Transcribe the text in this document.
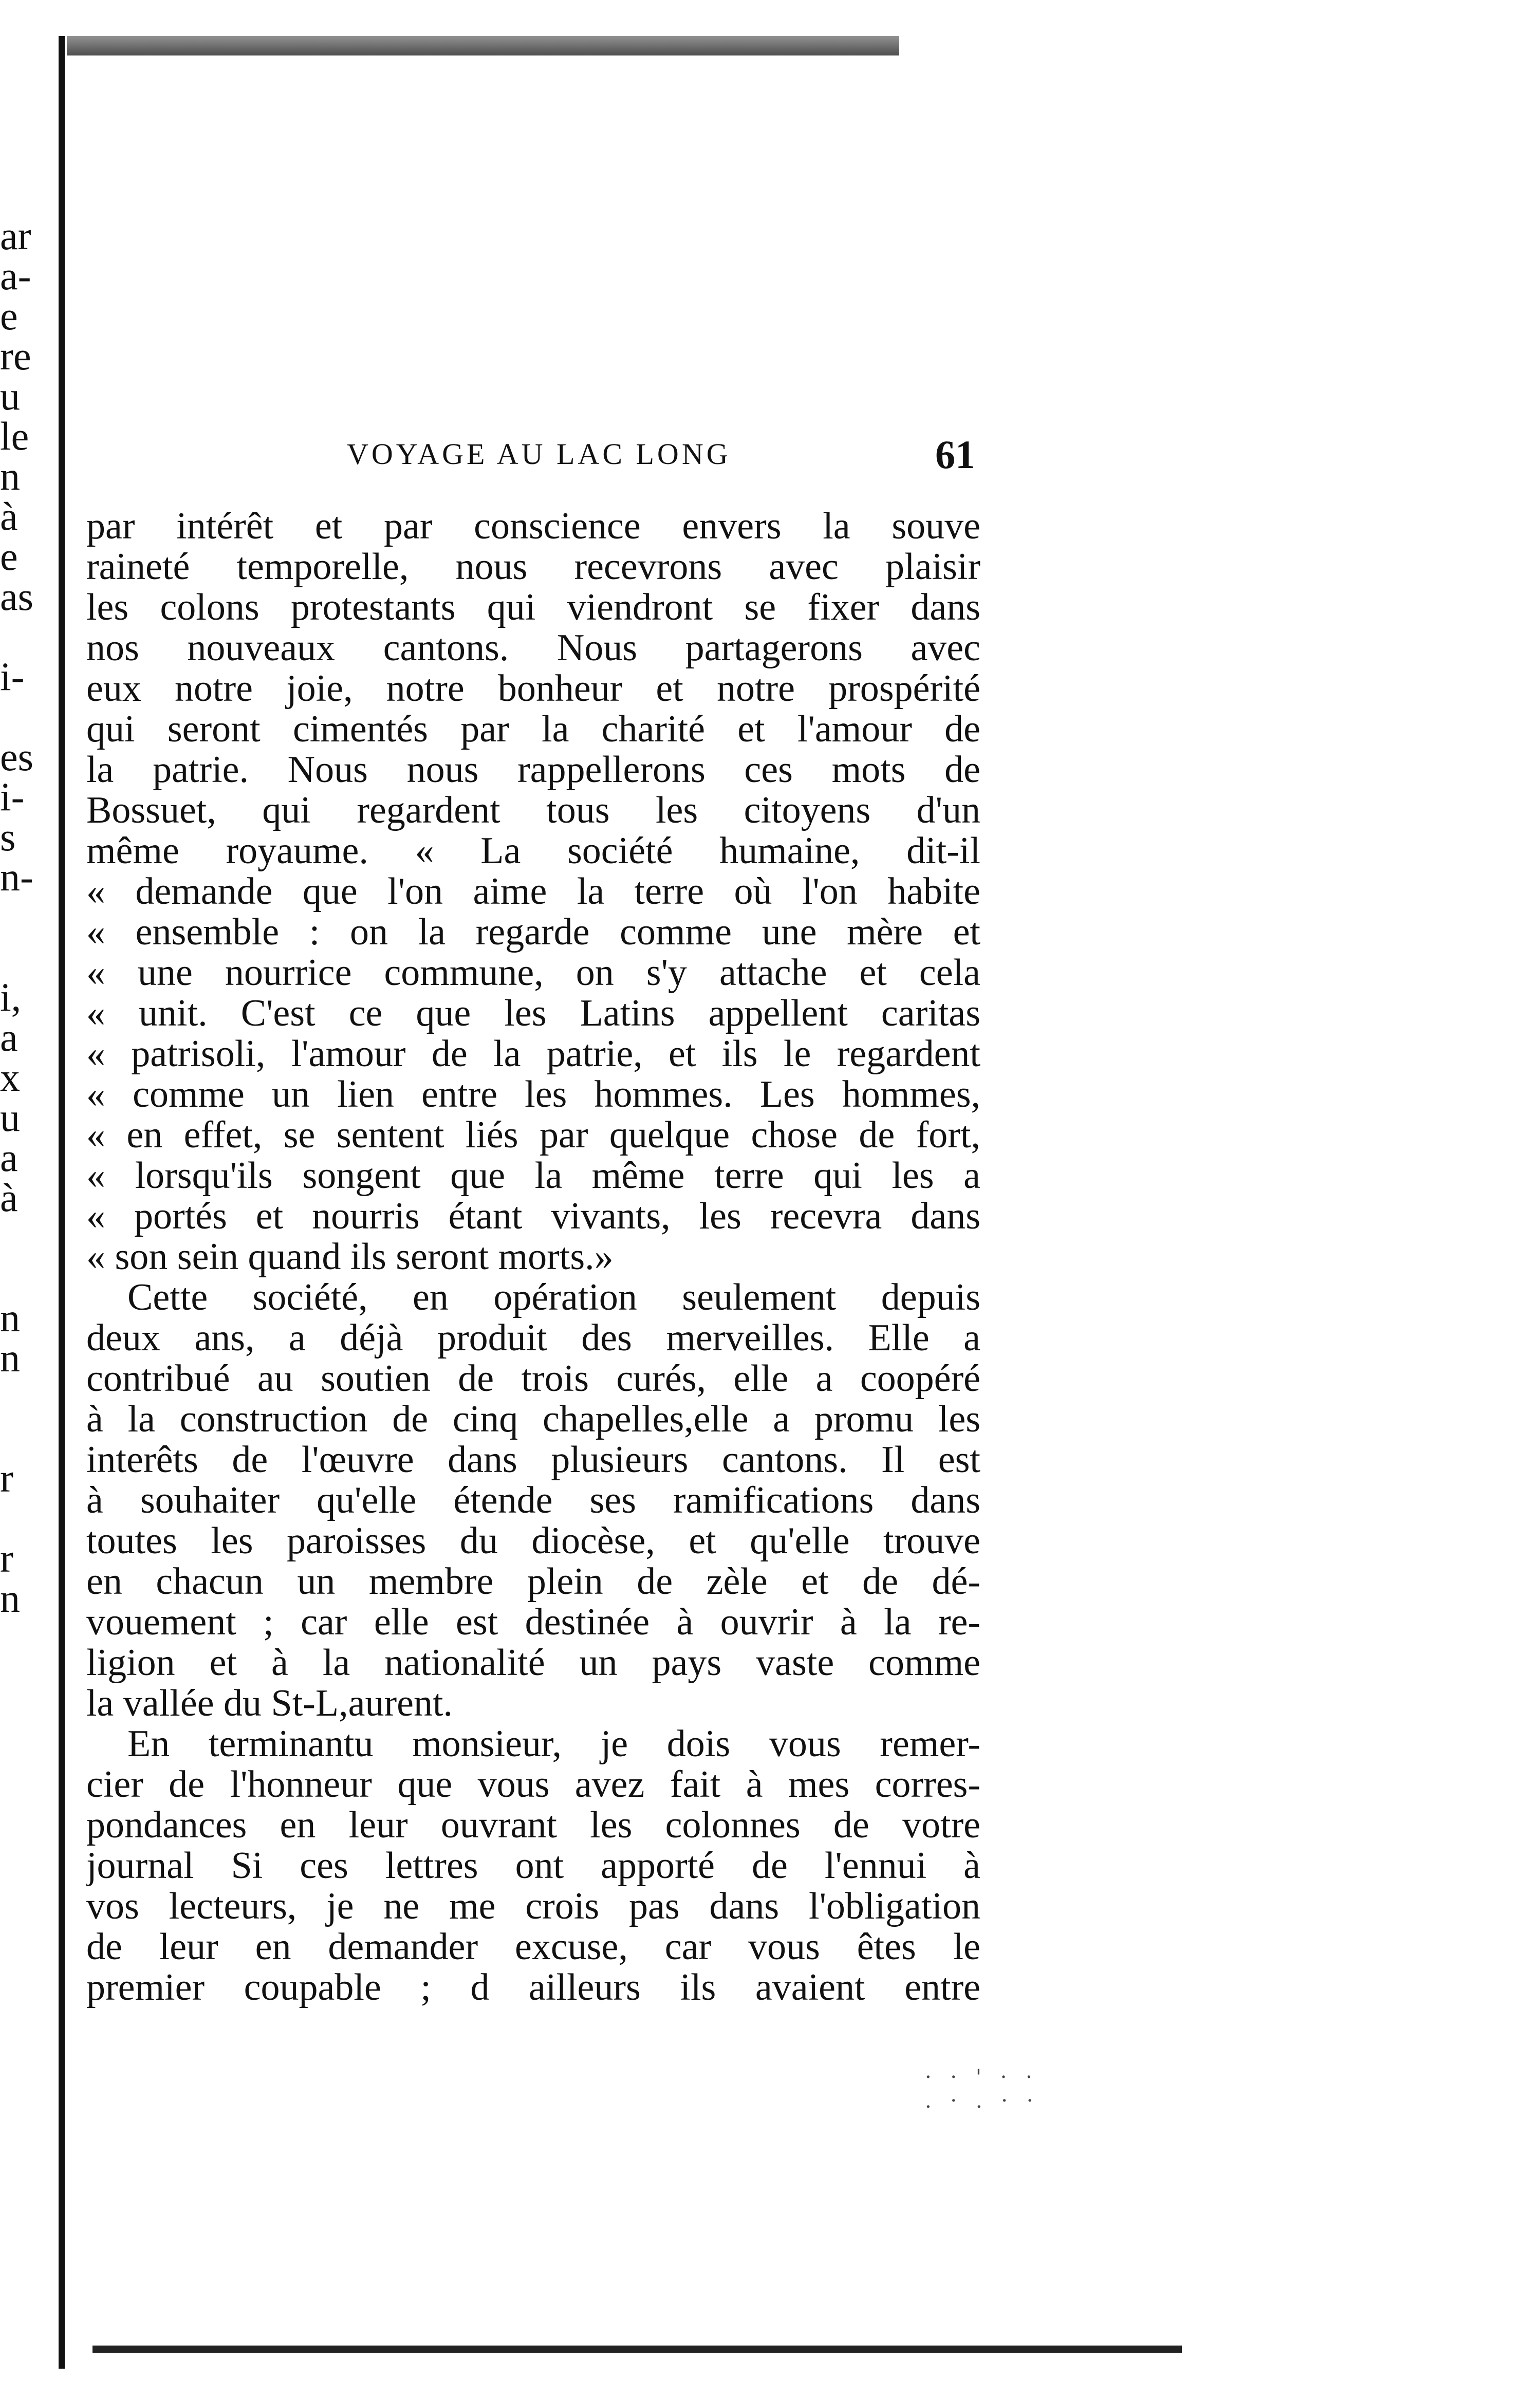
ar
a-
e
re
u
le
n
à
e
as
i-
es
i-
s
n-
i,
a
x
u
a
à
n
n
r
r
n
VOYAGE AU LAC LONG	61
par intérêt et par conscience envers la souve
raineté temporelle, nous recevrons avec plaisir
les colons protestants qui viendront se fixer dans
nos nouveaux cantons. Nous partagerons avec
eux notre joie, notre bonheur et notre prospérité
qui seront cimentés par la charité et l'amour de
la patrie. Nous nous rappellerons ces mots de
Bossuet, qui regardent tous les citoyens d'un
même royaume. « La société humaine, dit-il
« demande que l'on aime la terre où l'on habite
« ensemble : on la regarde comme une mère et
« une nourrice commune, on s'y attache et cela
« unit. C'est ce que les Latins appellent caritas
« patrisoli, l'amour de la patrie, et ils le regardent
« comme un lien entre les hommes. Les hommes,
« en effet, se sentent liés par quelque chose de fort,
« lorsqu'ils songent que la même terre qui les a
« portés et nourris étant vivants, les recevra dans
« son sein quand ils seront morts.»
Cette société, en opération seulement depuis
deux ans, a déjà produit des merveilles. Elle a
contribué au soutien de trois curés, elle a coopéré
à la construction de cinq chapelles,elle a promu les
interêts de l'œuvre dans plusieurs cantons. Il est
à souhaiter qu'elle étende ses ramifications dans
toutes les paroisses du diocèse, et qu'elle trouve
en chacun un membre plein de zèle et de dé-
vouement ; car elle est destinée à ouvrir à la re-
ligion et à la nationalité un pays vaste comme
la vallée du St-L,aurent.
En terminantu monsieur, je dois vous remer-
cier de l'honneur que vous avez fait à mes corres-
pondances en leur ouvrant les colonnes de votre
journal Si ces lettres ont apporté de l'ennui à
vos lecteurs, je ne me crois pas dans l'obligation
de leur en demander excuse, car vous êtes le
premier coupable ; d ailleurs ils avaient entre
· · ' · ·
. · . · ·
